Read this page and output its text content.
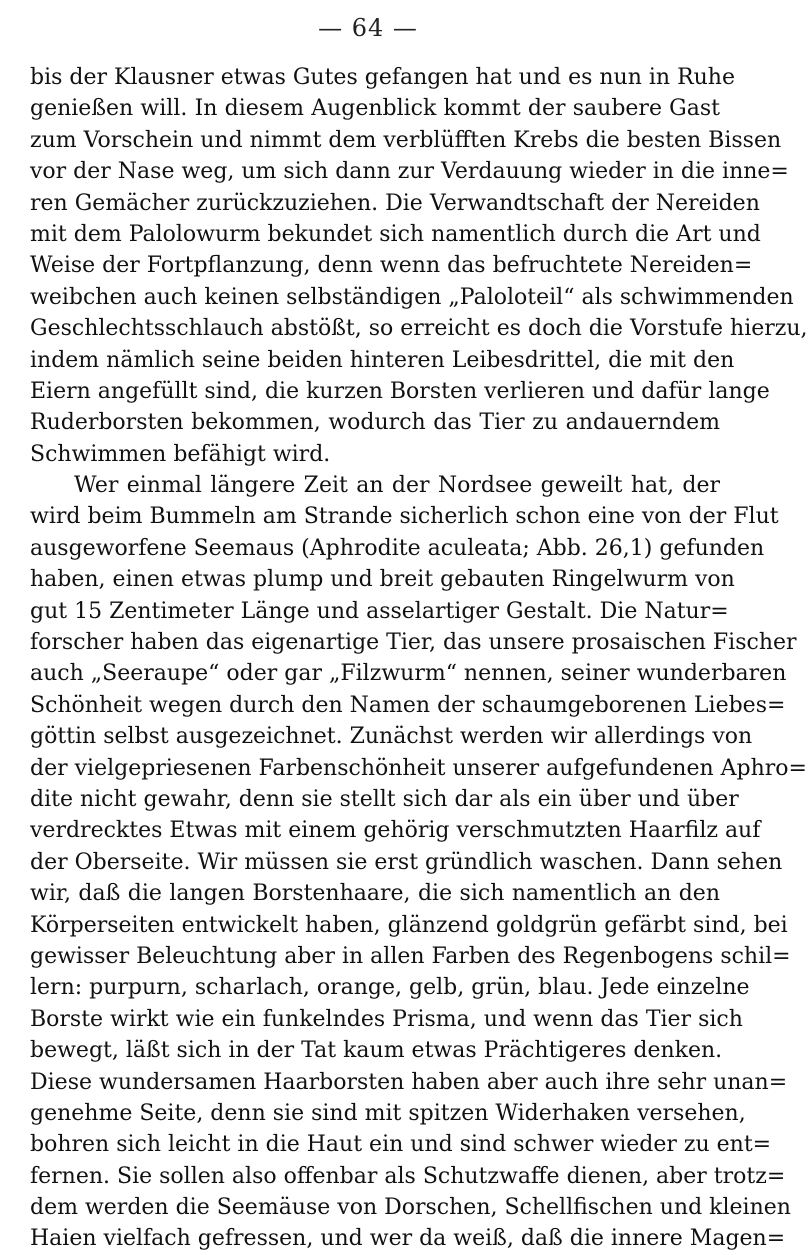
— 64 —
bis der Klausner etwas Gutes gefangen hat und es nun in Ruhe
genießen will. In diesem Augenblick kommt der saubere Gast
zum Vorschein und nimmt dem verblüfften Krebs die besten Bissen
vor der Nase weg, um sich dann zur Verdauung wieder in die inne=
ren Gemächer zurückzuziehen. Die Verwandtschaft der Nereiden
mit dem Palolowurm bekundet sich namentlich durch die Art und
Weise der Fortpflanzung, denn wenn das befruchtete Nereiden=
weibchen auch keinen selbständigen „Paloloteil“ als schwimmenden
Geschlechtsschlauch abstößt, so erreicht es doch die Vorstufe hierzu,
indem nämlich seine beiden hinteren Leibesdrittel, die mit den
Eiern angefüllt sind, die kurzen Borsten verlieren und dafür lange
Ruderborsten bekommen, wodurch das Tier zu andauerndem
Schwimmen befähigt wird.
Wer einmal längere Zeit an der Nordsee geweilt hat, der
wird beim Bummeln am Strande sicherlich schon eine von der Flut
ausgeworfene Seemaus (Aphrodite aculeata; Abb. 26,1) gefunden
haben, einen etwas plump und breit gebauten Ringelwurm von
gut 15 Zentimeter Länge und asselartiger Gestalt. Die Natur=
forscher haben das eigenartige Tier, das unsere prosaischen Fischer
auch „Seeraupe“ oder gar „Filzwurm“ nennen, seiner wunderbaren
Schönheit wegen durch den Namen der schaumgeborenen Liebes=
göttin selbst ausgezeichnet. Zunächst werden wir allerdings von
der vielgepriesenen Farbenschönheit unserer aufgefundenen Aphro=
dite nicht gewahr, denn sie stellt sich dar als ein über und über
verdrecktes Etwas mit einem gehörig verschmutzten Haarfilz auf
der Oberseite. Wir müssen sie erst gründlich waschen. Dann sehen
wir, daß die langen Borstenhaare, die sich namentlich an den
Körperseiten entwickelt haben, glänzend goldgrün gefärbt sind, bei
gewisser Beleuchtung aber in allen Farben des Regenbogens schil=
lern: purpurn, scharlach, orange, gelb, grün, blau. Jede einzelne
Borste wirkt wie ein funkelndes Prisma, und wenn das Tier sich
bewegt, läßt sich in der Tat kaum etwas Prächtigeres denken.
Diese wundersamen Haarborsten haben aber auch ihre sehr unan=
genehme Seite, denn sie sind mit spitzen Widerhaken versehen,
bohren sich leicht in die Haut ein und sind schwer wieder zu ent=
fernen. Sie sollen also offenbar als Schutzwaffe dienen, aber trotz=
dem werden die Seemäuse von Dorschen, Schellfischen und kleinen
Haien vielfach gefressen, und wer da weiß, daß die innere Magen=
